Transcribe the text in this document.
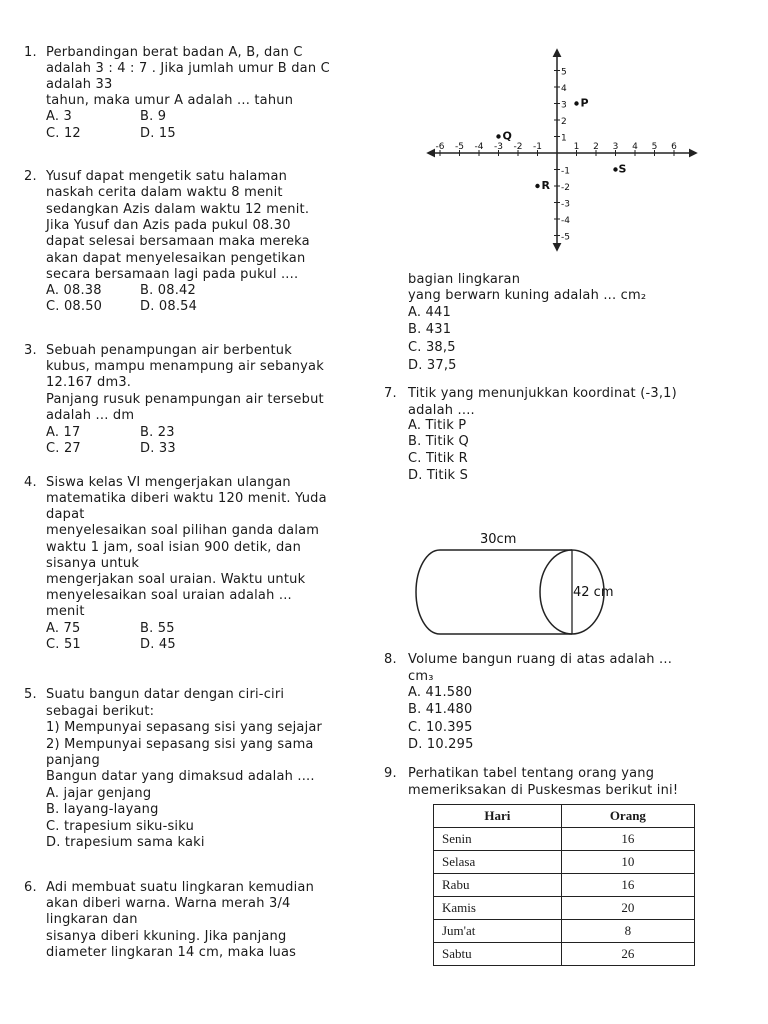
1. Perbandingan berat badan A, B, dan C
adalah 3 : 4 : 7 . Jika jumlah umur B dan C
adalah 33
tahun, maka umur A adalah ... tahun
A. 3	B. 9
C. 12	D. 15
2. Yusuf dapat mengetik satu halaman
naskah cerita dalam waktu 8 menit
sedangkan Azis dalam waktu 12 menit.
Jika Yusuf dan Azis pada pukul 08.30
dapat selesai bersamaan maka mereka
akan dapat menyelesaikan pengetikan
secara bersamaan lagi pada pukul ....
A. 08.38	B. 08.42
C. 08.50	D. 08.54
3. Sebuah penampungan air berbentuk
kubus, mampu menampung air sebanyak
12.167 dm3.
Panjang rusuk penampungan air tersebut
adalah ... dm
A. 17	B. 23
C. 27	D. 33
4. Siswa kelas VI mengerjakan ulangan
matematika diberi waktu 120 menit. Yuda
dapat
menyelesaikan soal pilihan ganda dalam
waktu 1 jam, soal isian 900 detik, dan
sisanya untuk
mengerjakan soal uraian. Waktu untuk
menyelesaikan soal uraian adalah ...
menit
A. 75	B. 55
C. 51	D. 45
5. Suatu bangun datar dengan ciri-ciri
sebagai berikut:
1) Mempunyai sepasang sisi yang sejajar
2) Mempunyai sepasang sisi yang sama
panjang
Bangun datar yang dimaksud adalah ....
A. jajar genjang
B. layang-layang
C. trapesium siku-siku
D. trapesium sama kaki
6. Adi membuat suatu lingkaran kemudian
akan diberi warna. Warna merah 3/4
lingkaran dan
sisanya diberi kkuning. Jika panjang
diameter lingkaran 14 cm, maka luas
bagian lingkaran
yang berwarn kuning adalah ... cm₂
A. 441
B. 431
C. 38,5
D. 37,5
-6 -5 -4 -3 -2 -1	1 2 3 4 5 6
5
4
3
2
1
-1
-2
-3
-4
-5
P
Q
R
S
7. Titik yang menunjukkan koordinat (-3,1)
adalah ....
A. Titik P
B. Titik Q
C. Titik R
D. Titik S
30cm
42 cm
8. Volume bangun ruang di atas adalah ...
cm₃
A. 41.580
B. 41.480
C. 10.395
D. 10.295
9. Perhatikan tabel tentang orang yang
memeriksakan di Puskesmas berikut ini!
Hari	Orang
Senin	16
Selasa	10
Rabu	16
Kamis	20
Jum'at	8
Sabtu	26
